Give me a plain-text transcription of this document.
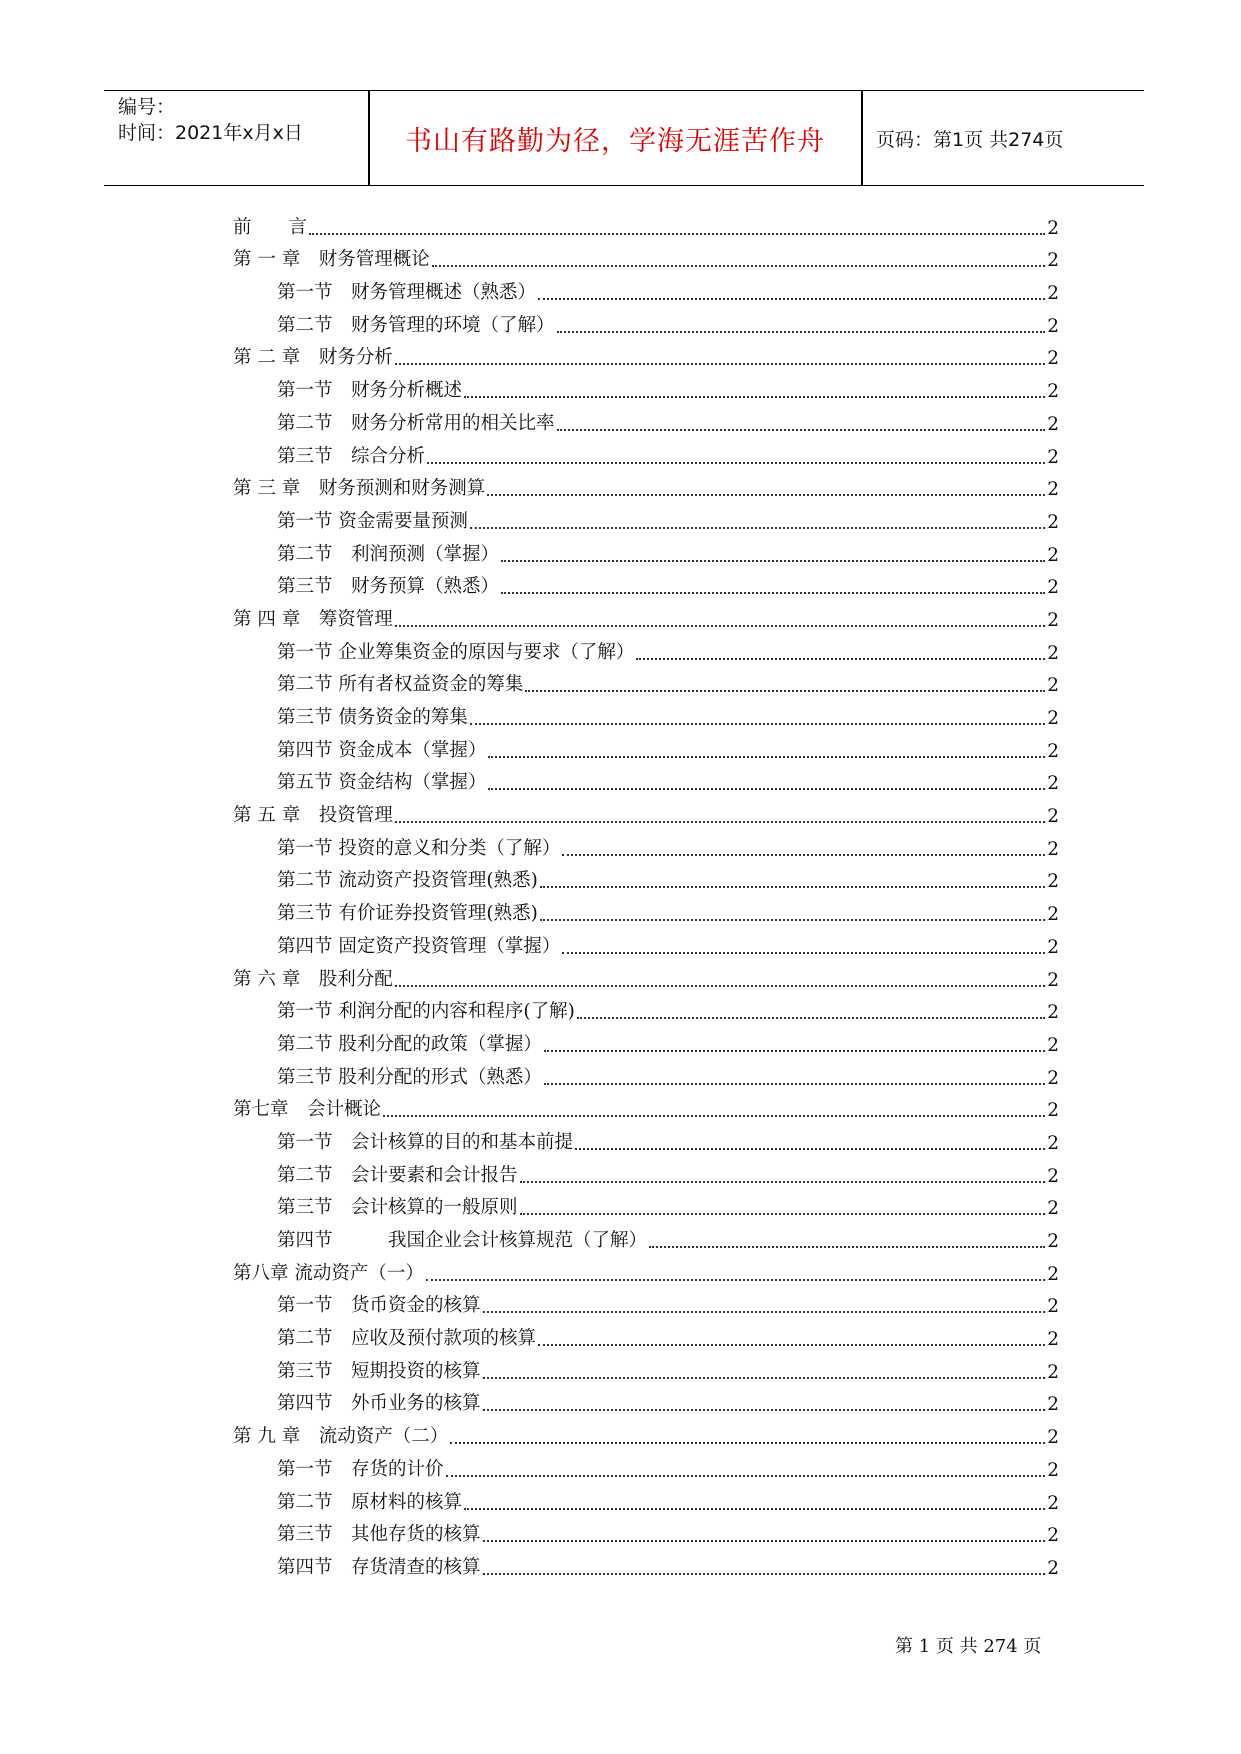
编号：
时间：2021年x月x日	书山有路勤为径，学海无涯苦作舟	页码：第1页 共274页
前　　言	2
第 一 章　财务管理概论	2
第一节　财务管理概述（熟悉）	2
第二节　财务管理的环境（了解）	2
第 二 章　财务分析	2
第一节　财务分析概述	2
第二节　财务分析常用的相关比率	2
第三节　综合分析	2
第 三 章　财务预测和财务测算	2
第一节 资金需要量预测	2
第二节　利润预测（掌握）	2
第三节　财务预算（熟悉）	2
第 四 章　筹资管理	2
第一节 企业筹集资金的原因与要求（了解）	2
第二节 所有者权益资金的筹集	2
第三节 债务资金的筹集	2
第四节 资金成本（掌握）	2
第五节 资金结构（掌握）	2
第 五 章　投资管理	2
第一节 投资的意义和分类（了解）	2
第二节 流动资产投资管理(熟悉)	2
第三节 有价证券投资管理(熟悉)	2
第四节 固定资产投资管理（掌握）	2
第 六 章　股利分配	2
第一节 利润分配的内容和程序(了解)	2
第二节 股利分配的政策（掌握）	2
第三节 股利分配的形式（熟悉）	2
第七章　会计概论	2
第一节　会计核算的目的和基本前提	2
第二节　会计要素和会计报告	2
第三节　会计核算的一般原则	2
第四节　　　我国企业会计核算规范（了解）	2
第八章 流动资产（一）	2
第一节　货币资金的核算	2
第二节　应收及预付款项的核算	2
第三节　短期投资的核算	2
第四节　外币业务的核算	2
第 九 章　流动资产（二）	2
第一节　存货的计价	2
第二节　原材料的核算	2
第三节　其他存货的核算	2
第四节　存货清查的核算	2
第 1 页 共 274 页
